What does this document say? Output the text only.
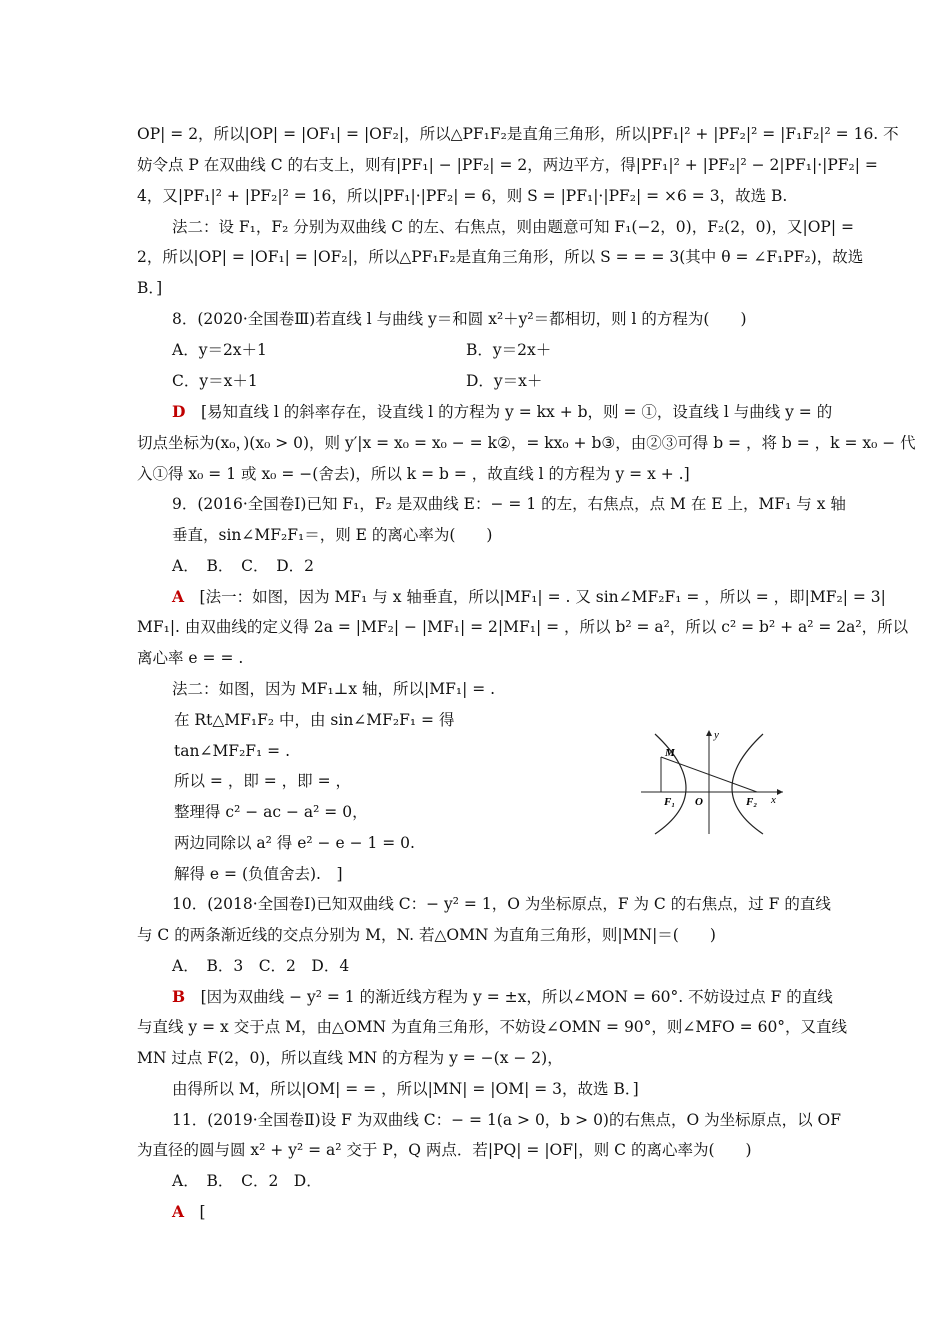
OP| = 2，所以|OP| = |OF₁| = |OF₂|，所以△PF₁F₂是直角三角形，所以|PF₁|² + |PF₂|² = |F₁F₂|² = 16. 不
妨令点 P 在双曲线 C 的右支上，则有|PF₁| − |PF₂| = 2，两边平方，得|PF₁|² + |PF₂|² − 2|PF₁|·|PF₂| =
4，又|PF₁|² + |PF₂|² = 16，所以|PF₁|·|PF₂| = 6，则 S = |PF₁|·|PF₂| = ×6 = 3，故选 B.
法二：设 F₁，F₂ 分别为双曲线 C 的左、右焦点，则由题意可知 F₁(−2，0)，F₂(2，0)，又|OP| =
2，所以|OP| = |OF₁| = |OF₂|，所以△PF₁F₂是直角三角形，所以 S = = = 3(其中 θ = ∠F₁PF₂)，故选
B．]
8．(2020·全国卷Ⅲ)若直线 l 与曲线 y＝和圆 x²＋y²＝都相切，则 l 的方程为(　　)
A．y＝2x＋1	B．y＝2x＋
C．y＝x＋1	D．y＝x＋
D　[易知直线 l 的斜率存在，设直线 l 的方程为 y = kx + b，则 = ①，设直线 l 与曲线 y = 的
切点坐标为(x₀，)(x₀ > 0)，则 y′|x = x₀ = x₀ − = k②，= kx₀ + b③，由②③可得 b = ，将 b = ，k = x₀ − 代
入①得 x₀ = 1 或 x₀ = −(舍去)，所以 k = b = ，故直线 l 的方程为 y = x + .]
9．(2016·全国卷Ⅰ)已知 F₁，F₂ 是双曲线 E：− = 1 的左，右焦点，点 M 在 E 上，MF₁ 与 x 轴
垂直，sin∠MF₂F₁＝，则 E 的离心率为(　　)
A．　B．　C．　D．2
A　[法一：如图，因为 MF₁ 与 x 轴垂直，所以|MF₁| = . 又 sin∠MF₂F₁ = ，所以 = ，即|MF₂| = 3|
MF₁|. 由双曲线的定义得 2a = |MF₂| − |MF₁| = 2|MF₁| = ，所以 b² = a²，所以 c² = b² + a² = 2a²，所以
离心率 e = = .
法二：如图，因为 MF₁⊥x 轴，所以|MF₁| = .
在 Rt△MF₁F₂ 中，由 sin∠MF₂F₁ = 得
tan∠MF₂F₁ = .
所以 = ，即 = ，即 = ，
整理得 c² − ac − a² = 0，
两边同除以 a² 得 e² − e − 1 = 0.
解得 e = (负值舍去).　]
10．(2018·全国卷Ⅰ)已知双曲线 C：− y² = 1，O 为坐标原点，F 为 C 的右焦点，过 F 的直线
与 C 的两条渐近线的交点分别为 M，N. 若△OMN 为直角三角形，则|MN|＝(　　)
A．　B．3　C．2　D．4
B　[因为双曲线 − y² = 1 的渐近线方程为 y = ±x，所以∠MON = 60°. 不妨设过点 F 的直线
与直线 y = x 交于点 M，由△OMN 为直角三角形，不妨设∠OMN = 90°，则∠MFO = 60°，又直线
MN 过点 F(2，0)，所以直线 MN 的方程为 y = −(x − 2)，
由得所以 M，所以|OM| = = ，所以|MN| = |OM| = 3，故选 B．]
11．(2019·全国卷Ⅱ)设 F 为双曲线 C：− = 1(a > 0，b > 0)的右焦点，O 为坐标原点，以 OF
为直径的圆与圆 x² + y² = a² 交于 P，Q 两点．若|PQ| = |OF|，则 C 的离心率为(　　)
A．　B．　C．2　D．
A　[
y
x
M
F₁ O	F₂
